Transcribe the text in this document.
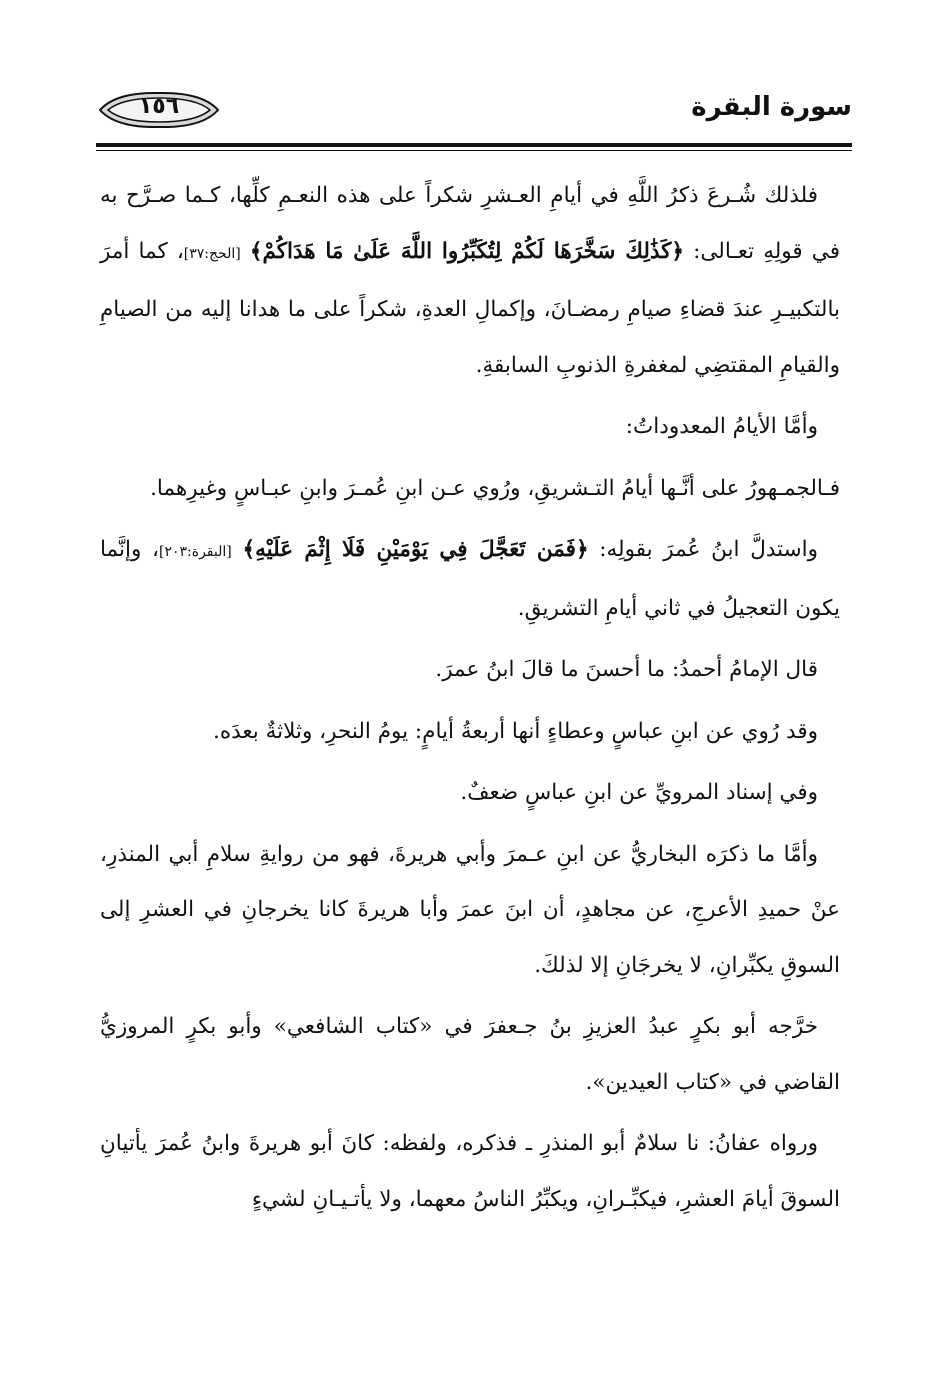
سورة البقرة
١٥٦

فلذلك شُـرعَ ذكرُ اللَّهِ في أيامِ العـشرِ شكراً على هذه النعـمِ كلِّها، كـما صـرَّح به في قولِهِ تعـالى: ﴿كَذَٰلِكَ سَخَّرَهَا لَكُمْ لِتُكَبِّرُوا اللَّهَ عَلَىٰ مَا هَدَاكُمْ﴾ [الحج:٣٧]، كما أمرَ بالتكبيـرِ عندَ قضاءِ صيامِ رمضـانَ، وإكمالِ العدةِ، شكراً على ما هدانا إليه من الصيامِ والقيامِ المقتضِي لمغفرةِ الذنوبِ السابقةِ.

وأمَّا الأيامُ المعدوداتُ:

فـالجمـهورُ على أنَّـها أيامُ التـشريقِ، ورُوي عـن ابنِ عُمـرَ وابنِ عبـاسٍ وغيرِهما.

واستدلَّ ابنُ عُمرَ بقولِه: ﴿فَمَن تَعَجَّلَ فِي يَوْمَيْنِ فَلَا إِثْمَ عَلَيْهِ﴾ [البقرة:٢٠٣]، وإنَّما يكون التعجيلُ في ثاني أيامِ التشريقِ.

قال الإمامُ أحمدُ: ما أحسنَ ما قالَ ابنُ عمرَ.

وقد رُوي عن ابنِ عباسٍ وعطاءٍ أنها أربعةُ أيامٍ: يومُ النحرِ، وثلاثةٌ بعدَه.

وفي إسناد المرويِّ عن ابنِ عباسٍ ضعفٌ.

وأمَّا ما ذكرَه البخاريُّ عن ابنِ عـمرَ وأبي هريرةَ، فهو من روايةِ سلامِ أبي المنذرِ، عنْ حميدِ الأعرجِ، عن مجاهدٍ، أن ابنَ عمرَ وأبا هريرةَ كانا يخرجانِ في العشرِ إلى السوقِ يكبِّرانِ، لا يخرجَانِ إلا لذلكَ.

خرَّجه أبو بكرٍ عبدُ العزيزِ بنُ جـعفرَ في «كتاب الشافعي» وأبو بكرٍ المروزيُّ القاضي في «كتاب العيدين».

ورواه عفانُ: نا سلامٌ أبو المنذرِ ـ فذكره، ولفظه: كانَ أبو هريرةَ وابنُ عُمرَ يأتيانِ السوقَ أيامَ العشرِ، فيكبِّـرانِ، ويكبِّرُ الناسُ معهما، ولا يأتـيـانِ لشيءٍ
